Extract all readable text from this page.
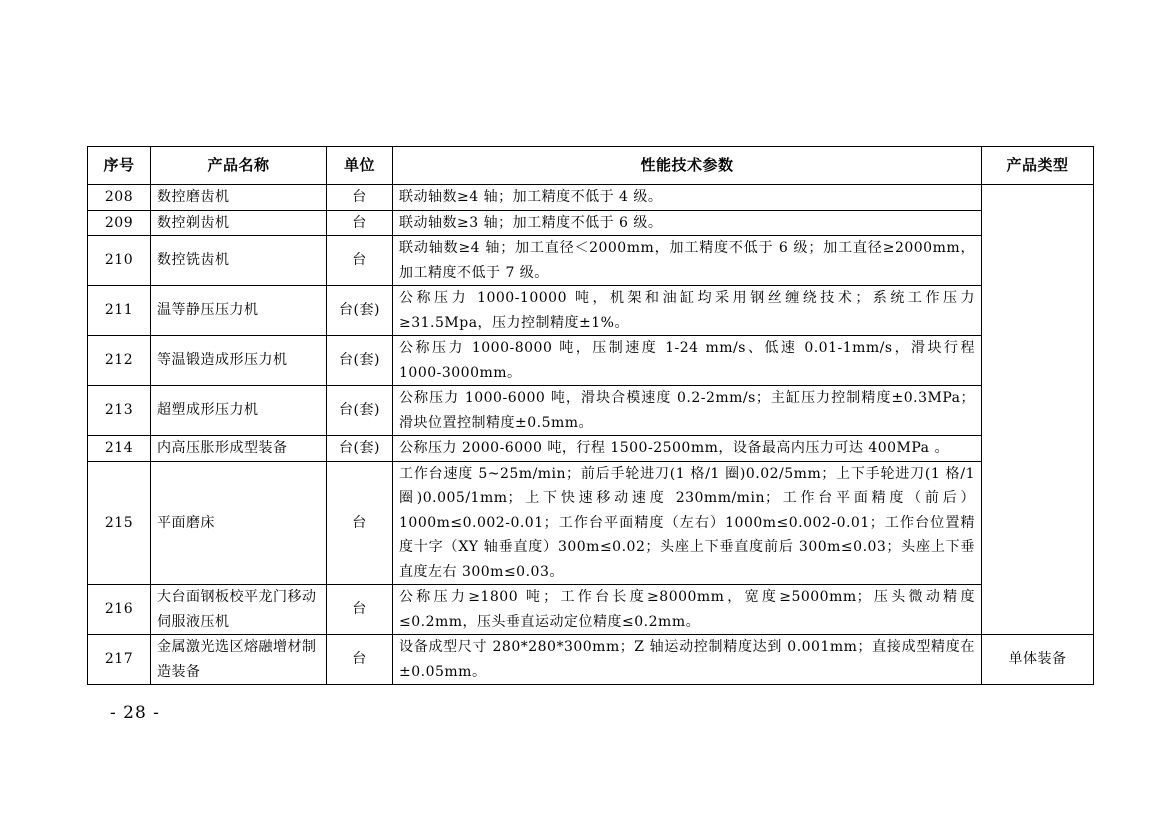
序号	产品名称	单位	性能技术参数	产品类型
208	数控磨齿机	台	联动轴数≥4 轴；加工精度不低于 4 级。	
209	数控剃齿机	台	联动轴数≥3 轴；加工精度不低于 6 级。	
210	数控铣齿机	台	联动轴数≥4 轴；加工直径＜2000mm，加工精度不低于 6 级；加工直径≥2000mm，加工精度不低于 7 级。	
211	温等静压压力机	台(套)	公称压力 1000-10000 吨，机架和油缸均采用钢丝缠绕技术；系统工作压力≥31.5Mpa，压力控制精度±1%。	
212	等温锻造成形压力机	台(套)	公称压力 1000-8000 吨，压制速度 1-24 mm/s、低速 0.01-1mm/s，滑块行程 1000-3000mm。	
213	超塑成形压力机	台(套)	公称压力 1000-6000 吨，滑块合模速度 0.2-2mm/s；主缸压力控制精度±0.3MPa；滑块位置控制精度±0.5mm。	
214	内高压胀形成型装备	台(套)	公称压力 2000-6000 吨，行程 1500-2500mm，设备最高内压力可达 400MPa 。	
215	平面磨床	台	工作台速度 5~25m/min；前后手轮进刀(1 格/1 圈)0.02/5mm；上下手轮进刀(1 格/1 圈)0.005/1mm；上下快速移动速度 230mm/min；工作台平面精度（前后）1000m≤0.002-0.01；工作台平面精度（左右）1000m≤0.002-0.01；工作台位置精度十字（XY 轴垂直度）300m≤0.02；头座上下垂直度前后 300m≤0.03；头座上下垂直度左右 300m≤0.03。	
216	大台面钢板校平龙门移动伺服液压机	台	公称压力≥1800 吨；工作台长度≥8000mm，宽度≥5000mm；压头微动精度≤0.2mm，压头垂直运动定位精度≤0.2mm。	
217	金属激光选区熔融增材制造装备	台	设备成型尺寸 280*280*300mm；Z 轴运动控制精度达到 0.001mm；直接成型精度在±0.05mm。	单体装备
- 28 -
